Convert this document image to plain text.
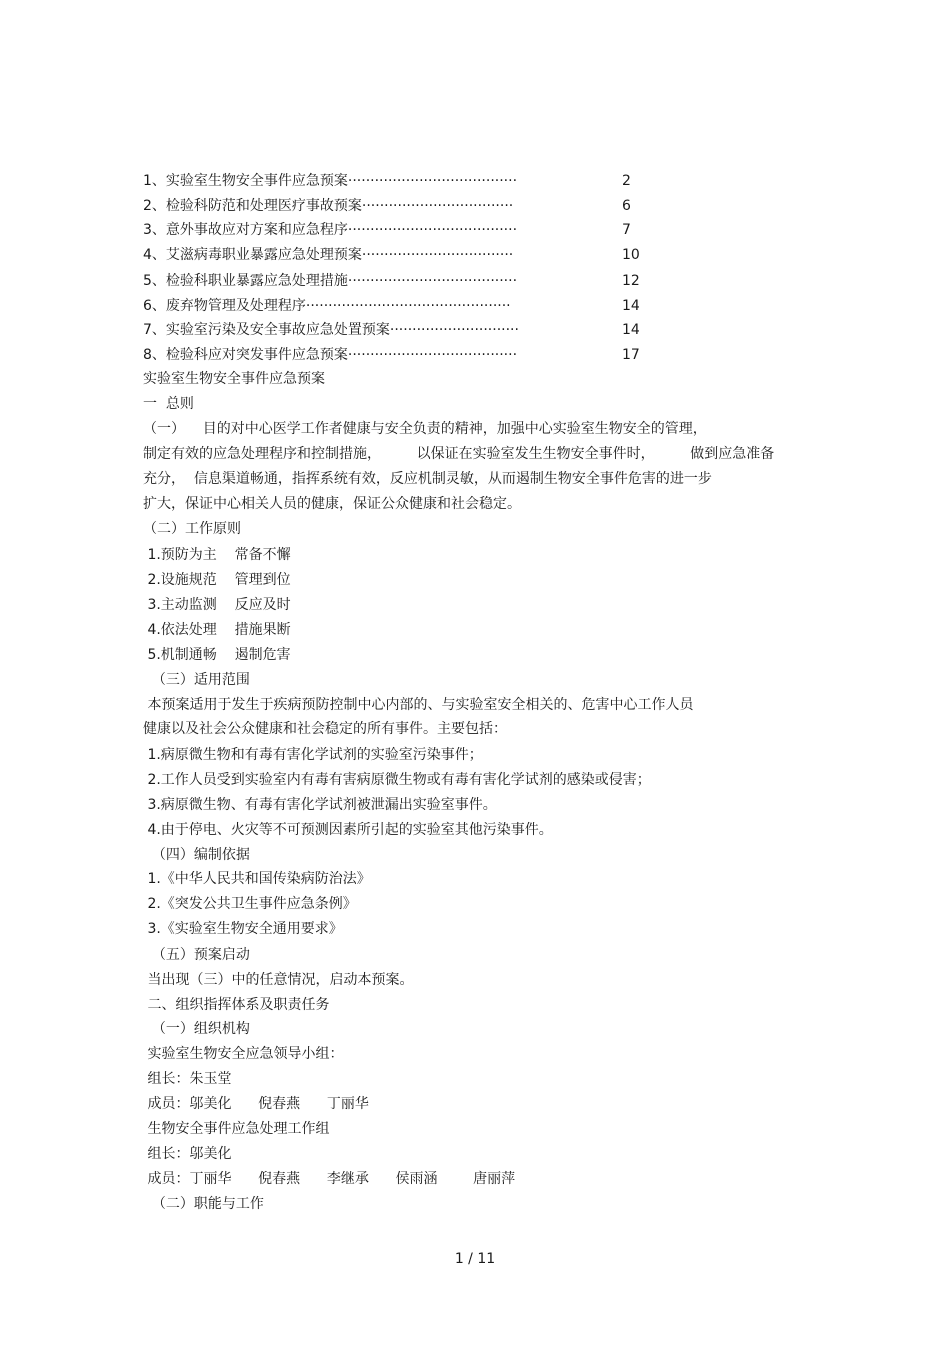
1、实验室生物安全事件应急预案······································	2
2、检验科防范和处理医疗事故预案··································	6
3、意外事故应对方案和应急程序······································	7
4、艾滋病毒职业暴露应急处理预案··································	10
5、检验科职业暴露应急处理措施······································	12
6、废弃物管理及处理程序··············································	14
7、实验室污染及安全事故应急处置预案·····························	14
8、检验科应对突发事件应急预案······································	17
实验室生物安全事件应急预案
一  总则
（一）    目的对中心医学工作者健康与安全负责的精神，加强中心实验室生物安全的管理，
制定有效的应急处理程序和控制措施，        以保证在实验室发生生物安全事件时，        做到应急准备
充分，  信息渠道畅通，指挥系统有效，反应机制灵敏，从而遏制生物安全事件危害的进一步
扩大，保证中心相关人员的健康，保证公众健康和社会稳定。
（二）工作原则
1.预防为主    常备不懈
2.设施规范    管理到位
3.主动监测    反应及时
4.依法处理    措施果断
5.机制通畅    遏制危害
（三）适用范围
本预案适用于发生于疾病预防控制中心内部的、与实验室安全相关的、危害中心工作人员
健康以及社会公众健康和社会稳定的所有事件。主要包括：
1.病原微生物和有毒有害化学试剂的实验室污染事件；
2.工作人员受到实验室内有毒有害病原微生物或有毒有害化学试剂的感染或侵害；
3.病原微生物、有毒有害化学试剂被泄漏出实验室事件。
4.由于停电、火灾等不可预测因素所引起的实验室其他污染事件。
（四）编制依据
1.《中华人民共和国传染病防治法》
2.《突发公共卫生事件应急条例》
3.《实验室生物安全通用要求》
（五）预案启动
当出现（三）中的任意情况，启动本预案。
二、组织指挥体系及职责任务
（一）组织机构
实验室生物安全应急领导小组：
组长：朱玉堂
成员：邬美化      倪春燕      丁丽华
生物安全事件应急处理工作组
组长：邬美化
成员：丁丽华      倪春燕      李继承      侯雨涵        唐丽萍
（二）职能与工作
1 / 11
